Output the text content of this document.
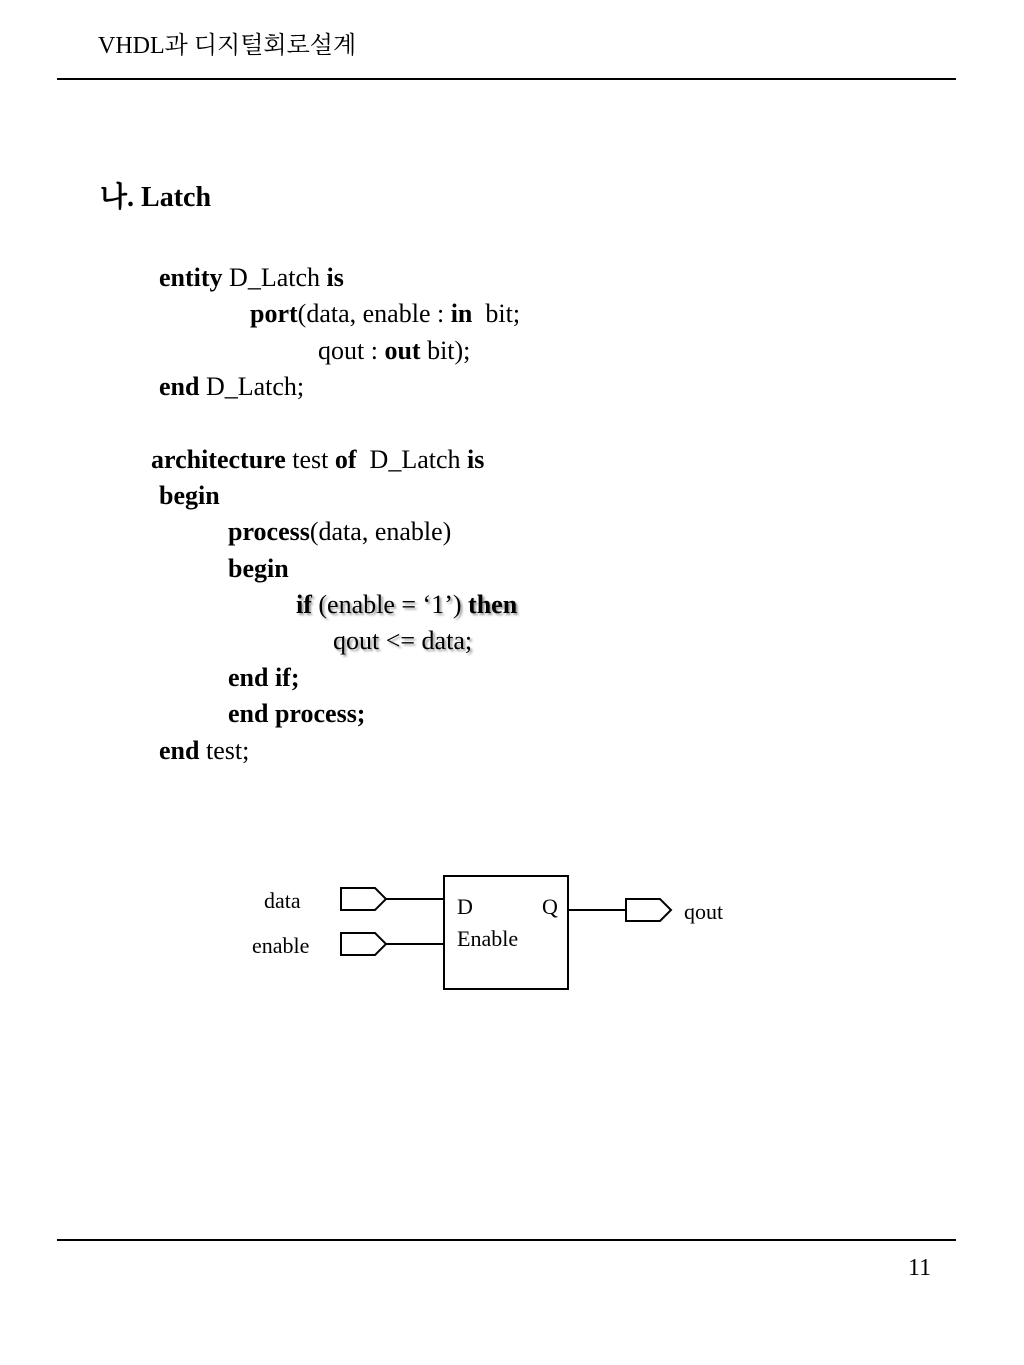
VHDL과 디지털회로설계
나. Latch
entity D_Latch is
port(data, enable : in  bit;
qout : out bit);
end D_Latch;
architecture test of  D_Latch is
begin
process(data, enable)
begin
if (enable = ‘1’) then
qout <= data;
end if;
end process;
end test;
data
enable
D	Q
Enable
qout
11
